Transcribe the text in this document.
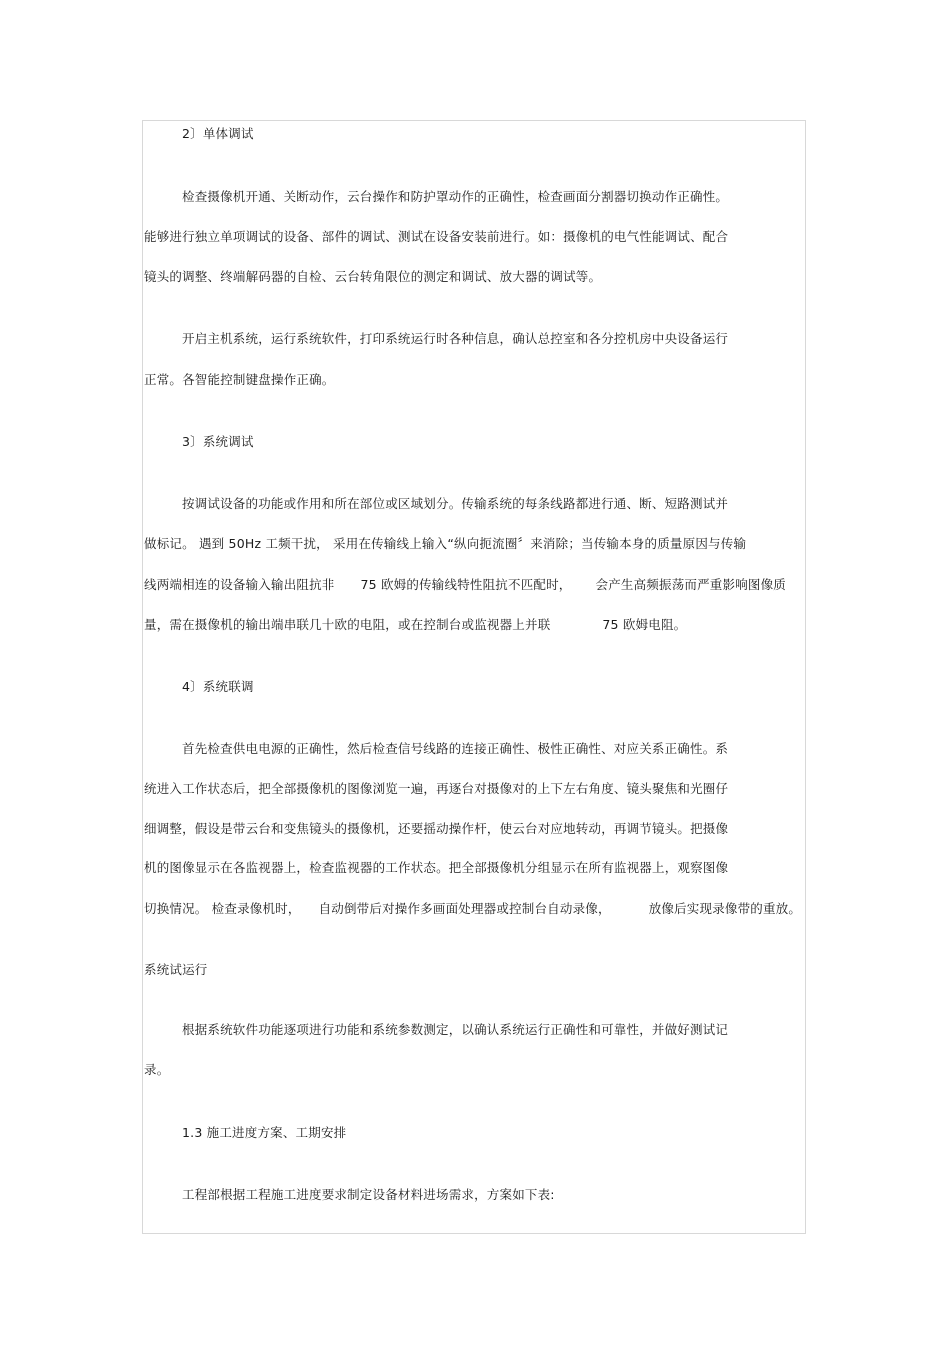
2〕单体调试
检查摄像机开通、关断动作，云台操作和防护罩动作的正确性，检查画面分割器切换动作正确性。
能够进行独立单项调试的设备、部件的调试、测试在设备安装前进行。如：摄像机的电气性能调试、配合
镜头的调整、终端解码器的自检、云台转角限位的测定和调试、放大器的调试等。
开启主机系统，运行系统软件，打印系统运行时各种信息，确认总控室和各分控机房中央设备运行
正常。各智能控制键盘操作正确。
3〕系统调试
按调试设备的功能或作用和所在部位或区域划分。传输系统的每条线路都进行通、断、短路测试并
做标记。 遇到 50Hz 工频干扰， 采用在传输线上输入“纵向扼流圈〞来消除；当传输本身的质量原因与传输
线两端相连的设备输入输出阻抗非 75 欧姆的传输线特性阻抗不匹配时， 会产生高频振荡而严重影响图像质
量，需在摄像机的输出端串联几十欧的电阻，或在控制台或监视器上并联	75 欧姆电阻。
4〕系统联调
首先检查供电电源的正确性，然后检查信号线路的连接正确性、极性正确性、对应关系正确性。系
统进入工作状态后，把全部摄像机的图像浏览一遍，再逐台对摄像对的上下左右角度、镜头聚焦和光圈仔
细调整，假设是带云台和变焦镜头的摄像机，还要摇动操作杆，使云台对应地转动，再调节镜头。把摄像
机的图像显示在各监视器上，检查监视器的工作状态。把全部摄像机分组显示在所有监视器上，观察图像
切换情况。 检查录像机时， 自动倒带后对操作多画面处理器或控制台自动录像，	放像后实现录像带的重放。
系统试运行
根据系统软件功能逐项进行功能和系统参数测定，以确认系统运行正确性和可靠性，并做好测试记
录。
1.3 施工进度方案、工期安排
工程部根据工程施工进度要求制定设备材料进场需求，方案如下表:
